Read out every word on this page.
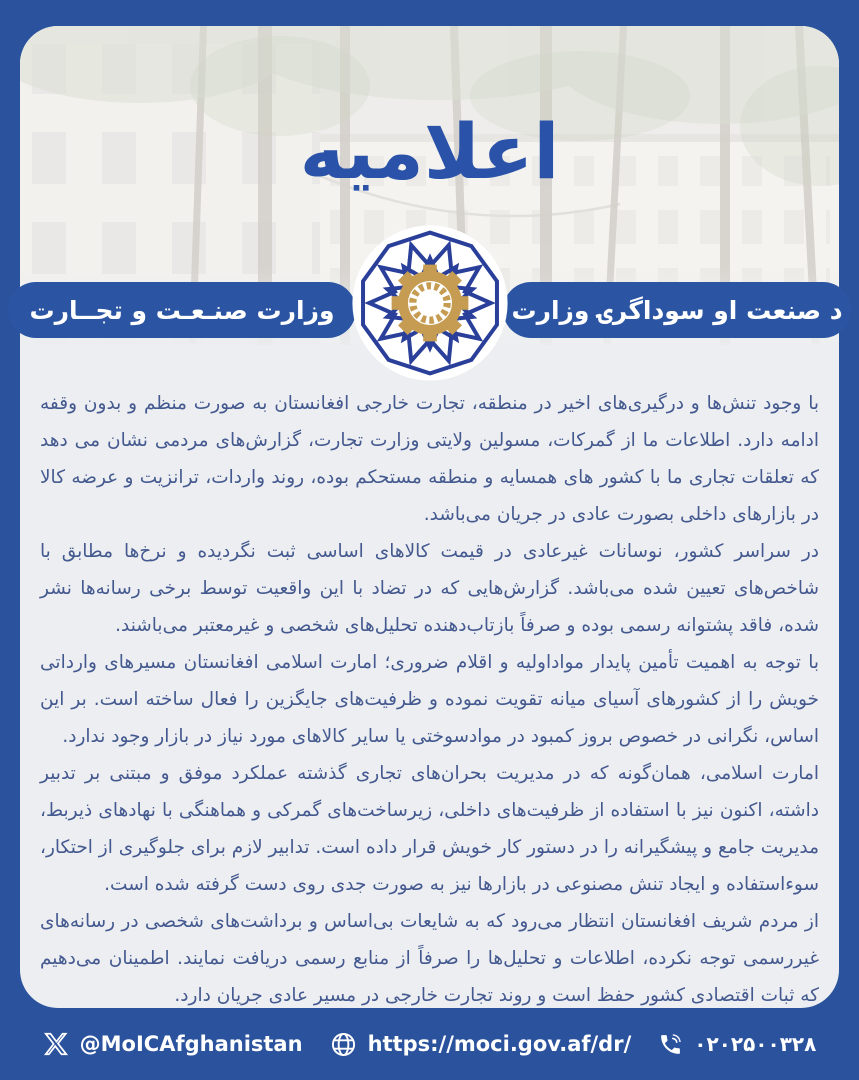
اعلامیه
وزارت صنـعـت و تجــارت	د صنعت او سوداگرۍ وزارت

با وجود تنش‌ها و درگیری‌های اخیر در منطقه، تجارت خارجی افغانستان به صورت منظم و بدون وقفه ادامه دارد. اطلاعات ما از گمرکات، مسولین ولایتی وزارت تجارت، گزارش‌های مردمی نشان می دهد که تعلقات تجاری ما با کشور های همسایه و منطقه مستحکم بوده، روند واردات، ترانزیت و عرضه کالا در بازارهای داخلی بصورت عادی در جریان می‌باشد.

در سراسر کشور، نوسانات غیرعادی در قیمت کالاهای اساسی ثبت نگردیده و نرخ‌ها مطابق با شاخص‌های تعیین شده می‌باشد. گزارش‌هایی که در تضاد با این واقعیت توسط برخی رسانه‌ها نشر شده، فاقد پشتوانه رسمی بوده و صرفاً بازتاب‌دهنده تحلیل‌های شخصی و غیرمعتبر می‌باشند.

با توجه به اهمیت تأمین پایدار مواداولیه و اقلام ضروری؛ امارت اسلامی افغانستان مسیرهای وارداتی خویش را از کشورهای آسیای میانه تقویت نموده و ظرفیت‌های جایگزین را فعال ساخته است. بر این اساس، نگرانی در خصوص بروز کمبود در موادسوختی یا سایر کالاهای مورد نیاز در بازار وجود ندارد.

امارت اسلامی، همان‌گونه که در مدیریت بحران‌های تجاری گذشته عملکرد موفق و مبتنی بر تدبیر داشته، اکنون نیز با استفاده از ظرفیت‌های داخلی، زیرساخت‌های گمرکی و هماهنگی با نهادهای ذیربط، مدیریت جامع و پیشگیرانه را در دستور کار خویش قرار داده است. تدابیر لازم برای جلوگیری از احتکار، سوءاستفاده و ایجاد تنش مصنوعی در بازارها نیز به صورت جدی روی دست گرفته شده است.

از مردم شریف افغانستان انتظار می‌رود که به شایعات بی‌اساس و برداشت‌های شخصی در رسانه‌های غیررسمی توجه نکرده، اطلاعات و تحلیل‌ها را صرفاً از منابع رسمی دریافت نمایند. اطمینان می‌دهیم که ثبات اقتصادی کشور حفظ است و روند تجارت خارجی در مسیر عادی جریان دارد.

@MoICAfghanistan	https://moci.gov.af/dr/	۰۲۰۲۵۰۰۳۲۸
